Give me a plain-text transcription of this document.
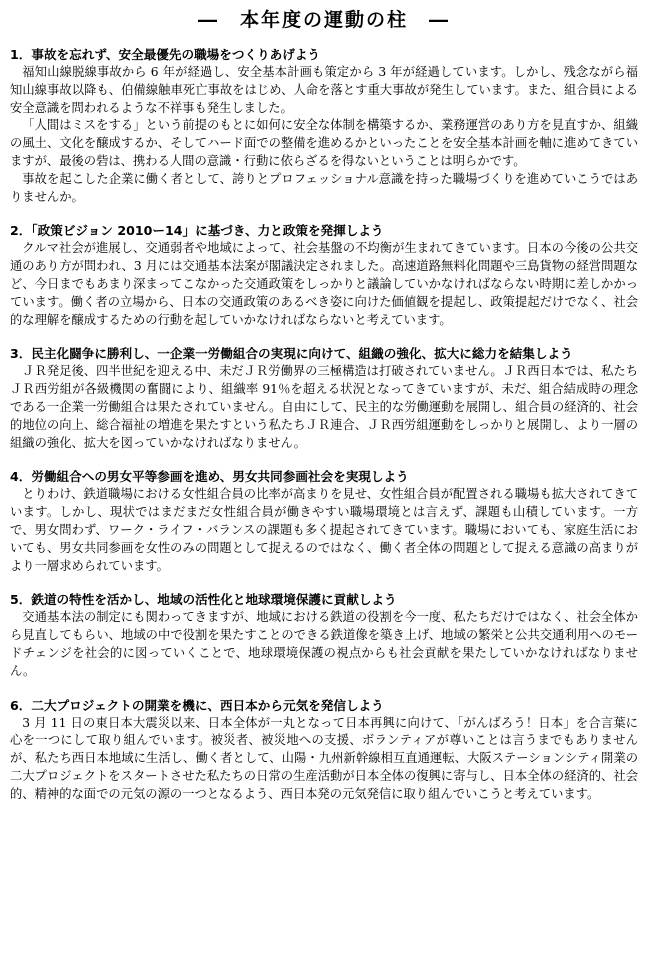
―　本年度の運動の柱　―
1．事故を忘れず、安全最優先の職場をつくりあげよう

福知山線脱線事故から 6 年が経過し、安全基本計画も策定から 3 年が経過しています。しかし、残念ながら福知山線事故以降も、伯備線触車死亡事故をはじめ、人命を落とす重大事故が発生しています。また、組合員による安全意識を問われるような不祥事も発生しました。

「人間はミスをする」という前提のもとに如何に安全な体制を構築するか、業務運営のあり方を見直すか、組織の風土、文化を醸成するか、そしてハード面での整備を進めるかといったことを安全基本計画を軸に進めてきていますが、最後の砦は、携わる人間の意識・行動に依らざるを得ないということは明らかです。

事故を起こした企業に働く者として、誇りとプロフェッショナル意識を持った職場づくりを進めていこうではありませんか。

2．「政策ビジョン 2010ー14」に基づき、力と政策を発揮しよう

クルマ社会が進展し、交通弱者や地域によって、社会基盤の不均衡が生まれてきています。日本の今後の公共交通のあり方が問われ、3 月には交通基本法案が閣議決定されました。高速道路無料化問題や三島貨物の経営問題など、今日までもあまり深まってこなかった交通政策をしっかりと議論していかなければならない時期に差しかかっています。働く者の立場から、日本の交通政策のあるべき姿に向けた価値観を提起し、政策提起だけでなく、社会的な理解を醸成するための行動を起していかなければならないと考えています。

3．民主化闘争に勝利し、一企業一労働組合の実現に向けて、組織の強化、拡大に総力を結集しよう

ＪＲ発足後、四半世紀を迎える中、未だＪＲ労働界の三極構造は打破されていません。ＪＲ西日本では、私たちＪＲ西労組が各級機関の奮闘により、組織率 91％を超える状況となってきていますが、未だ、組合結成時の理念である一企業一労働組合は果たされていません。自由にして、民主的な労働運動を展開し、組合員の経済的、社会的地位の向上、総合福祉の増進を果たすという私たちＪＲ連合、ＪＲ西労組運動をしっかりと展開し、より一層の組織の強化、拡大を図っていかなければなりません。

4．労働組合への男女平等参画を進め、男女共同参画社会を実現しよう

とりわけ、鉄道職場における女性組合員の比率が高まりを見せ、女性組合員が配置される職場も拡大されてきています。しかし、現状ではまだまだ女性組合員が働きやすい職場環境とは言えず、課題も山積しています。一方で、男女問わず、ワーク・ライフ・バランスの課題も多く提起されてきています。職場においても、家庭生活においても、男女共同参画を女性のみの問題として捉えるのではなく、働く者全体の問題として捉える意識の高まりがより一層求められています。

5．鉄道の特性を活かし、地域の活性化と地球環境保護に貢献しよう

交通基本法の制定にも関わってきますが、地域における鉄道の役割を今一度、私たちだけではなく、社会全体から見直してもらい、地域の中で役割を果たすことのできる鉄道像を築き上げ、地域の繁栄と公共交通利用へのモードチェンジを社会的に図っていくことで、地球環境保護の視点からも社会貢献を果たしていかなければなりません。

6．二大プロジェクトの開業を機に、西日本から元気を発信しよう

3 月 11 日の東日本大震災以来、日本全体が一丸となって日本再興に向けて、「がんばろう！日本」を合言葉に心を一つにして取り組んでいます。被災者、被災地への支援、ボランティアが尊いことは言うまでもありませんが、私たち西日本地域に生活し、働く者として、山陽・九州新幹線相互直通運転、大阪ステーションシティ開業の二大プロジェクトをスタートさせた私たちの日常の生産活動が日本全体の復興に寄与し、日本全体の経済的、社会的、精神的な面での元気の源の一つとなるよう、西日本発の元気発信に取り組んでいこうと考えています。
